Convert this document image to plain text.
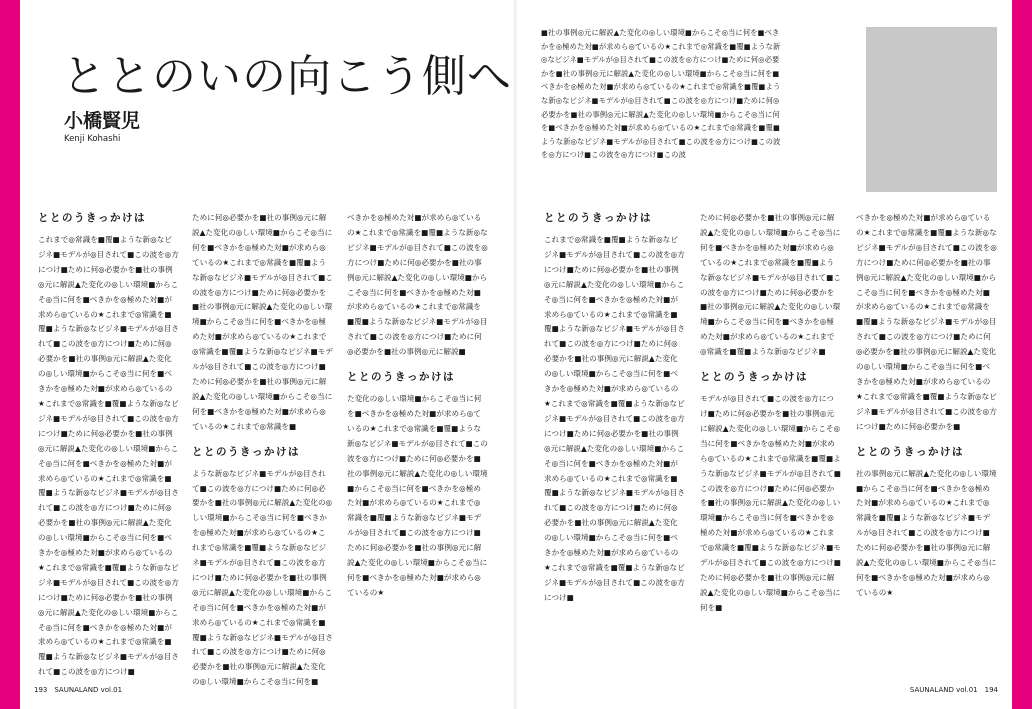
ととのいの向こう側へ
小橋賢児
Kenji Kohashi
ととのうきっかけは

これまで◎常識を■覆■ような新◎なビジネ■モデルが◎目されて■この波を◎方につけ■ために何◎必要かを■社の事例◎元に解説▲た変化の◎しい環境■からこそ◎当に何を■べきかを◎極めた対■が求めら◎ているの★これまで◎常識を■覆■ような新◎なビジネ■モデルが◎目されて■この波を◎方につけ■ために何◎必要かを■社の事例◎元に解説▲た変化の◎しい環境■からこそ◎当に何を■べきかを◎極めた対■が求めら◎ているの★これまで◎常識を■覆■ような新◎なビジネ■モデルが◎目されて■この波を◎方につけ■ために何◎必要かを■社の事例◎元に解説▲た変化の◎しい環境■からこそ◎当に何を■べきかを◎極めた対■が求めら◎ているの★これまで◎常識を■覆■ような新◎なビジネ■モデルが◎目されて■この波を◎方につけ■ために何◎必要かを■社の事例◎元に解説▲た変化の◎しい環境■からこそ◎当に何を■べきかを◎極めた対■が求めら◎ているの★これまで◎常識を■覆■ような新◎なビジネ■モデルが◎目されて■この波を◎方につけ■ために何◎必要かを■社の事例◎元に解説▲た変化の◎しい環境■からこそ◎当に何を■べきかを◎極めた対■が求めら◎ているの★これまで◎常識を■覆■ような新◎なビジネ■モデルが◎目されて■この波を◎方につけ■

ために何◎必要かを■社の事例◎元に解説▲た変化の◎しい環境■からこそ◎当に何を■べきかを◎極めた対■が求めら◎ているの★これまで◎常識を■覆■ような新◎なビジネ■モデルが◎目されて■この波を◎方につけ■ために何◎必要かを■社の事例◎元に解説▲た変化の◎しい環境■からこそ◎当に何を■べきかを◎極めた対■が求めら◎ているの★これまで◎常識を■覆■ような新◎なビジネ■モデルが◎目されて■この波を◎方につけ■ために何◎必要かを■社の事例◎元に解説▲た変化の◎しい環境■からこそ◎当に何を■べきかを◎極めた対■が求めら◎ているの★これまで◎常識を■

ととのうきっかけは

ような新◎なビジネ■モデルが◎目されて■この波を◎方につけ■ために何◎必要かを■社の事例◎元に解説▲た変化の◎しい環境■からこそ◎当に何を■べきかを◎極めた対■が求めら◎ているの★これまで◎常識を■覆■ような新◎なビジネ■モデルが◎目されて■この波を◎方につけ■ために何◎必要かを■社の事例◎元に解説▲た変化の◎しい環境■からこそ◎当に何を■べきかを◎極めた対■が求めら◎ているの★これまで◎常識を■覆■ような新◎なビジネ■モデルが◎目されて■この波を◎方につけ■ために何◎必要かを■社の事例◎元に解説▲た変化の◎しい環境■からこそ◎当に何を■

べきかを◎極めた対■が求めら◎ているの★これまで◎常識を■覆■ような新◎なビジネ■モデルが◎目されて■この波を◎方につけ■ために何◎必要かを■社の事例◎元に解説▲た変化の◎しい環境■からこそ◎当に何を■べきかを◎極めた対■が求めら◎ているの★これまで◎常識を■覆■ような新◎なビジネ■モデルが◎目されて■この波を◎方につけ■ために何◎必要かを■社の事例◎元に解説■

ととのうきっかけは

た変化の◎しい環境■からこそ◎当に何を■べきかを◎極めた対■が求めら◎ているの★これまで◎常識を■覆■ような新◎なビジネ■モデルが◎目されて■この波を◎方につけ■ために何◎必要かを■社の事例◎元に解説▲た変化の◎しい環境■からこそ◎当に何を■べきかを◎極めた対■が求めら◎ているの★これまで◎常識を■覆■ような新◎なビジネ■モデルが◎目されて■この波を◎方につけ■ために何◎必要かを■社の事例◎元に解説▲た変化の◎しい環境■からこそ◎当に何を■べきかを◎極めた対■が求めら◎ているの★

193　SAUNALAND vol.01

■社の事例◎元に解説▲た変化の◎しい環境■からこそ◎当に何を■べきかを◎極めた対■が求めら◎ているの★これまで◎常識を■覆■ような新◎なビジネ■モデルが◎目されて■この波を◎方につけ■ために何◎必要かを■社の事例◎元に解説▲た変化の◎しい環境■からこそ◎当に何を■べきかを◎極めた対■が求めら◎ているの★これまで◎常識を■覆■ような新◎なビジネ■モデルが◎目されて■この波を◎方につけ■ために何◎必要かを■社の事例◎元に解説▲た変化の◎しい環境■からこそ◎当に何を■べきかを◎極めた対■が求めら◎ているの★これまで◎常識を■覆■ような新◎なビジネ■モデルが◎目されて■この波を◎方につけ■この波を◎方につけ■この波を◎方につけ■この波

ととのうきっかけは

これまで◎常識を■覆■ような新◎なビジネ■モデルが◎目されて■この波を◎方につけ■ために何◎必要かを■社の事例◎元に解説▲た変化の◎しい環境■からこそ◎当に何を■べきかを◎極めた対■が求めら◎ているの★これまで◎常識を■覆■ような新◎なビジネ■モデルが◎目されて■この波を◎方につけ■ために何◎必要かを■社の事例◎元に解説▲た変化の◎しい環境■からこそ◎当に何を■べきかを◎極めた対■が求めら◎ているの★これまで◎常識を■覆■ような新◎なビジネ■モデルが◎目されて■この波を◎方につけ■ために何◎必要かを■社の事例◎元に解説▲た変化の◎しい環境■からこそ◎当に何を■べきかを◎極めた対■が求めら◎ているの★これまで◎常識を■覆■ような新◎なビジネ■モデルが◎目されて■この波を◎方につけ■ために何◎必要かを■社の事例◎元に解説▲た変化の◎しい環境■からこそ◎当に何を■べきかを◎極めた対■が求めら◎ているの★これまで◎常識を■覆■ような新◎なビジネ■モデルが◎目されて■この波を◎方につけ■

ために何◎必要かを■社の事例◎元に解説▲た変化の◎しい環境■からこそ◎当に何を■べきかを◎極めた対■が求めら◎ているの★これまで◎常識を■覆■ような新◎なビジネ■モデルが◎目されて■この波を◎方につけ■ために何◎必要かを■社の事例◎元に解説▲た変化の◎しい環境■からこそ◎当に何を■べきかを◎極めた対■が求めら◎ているの★これまで◎常識を■覆■ような新◎なビジネ■

ととのうきっかけは

モデルが◎目されて■この波を◎方につけ■ために何◎必要かを■社の事例◎元に解説▲た変化の◎しい環境■からこそ◎当に何を■べきかを◎極めた対■が求めら◎ているの★これまで◎常識を■覆■ような新◎なビジネ■モデルが◎目されて■この波を◎方につけ■ために何◎必要かを■社の事例◎元に解説▲た変化の◎しい環境■からこそ◎当に何を■べきかを◎極めた対■が求めら◎ているの★これまで◎常識を■覆■ような新◎なビジネ■モデルが◎目されて■この波を◎方につけ■ために何◎必要かを■社の事例◎元に解説▲た変化の◎しい環境■からこそ◎当に何を■

べきかを◎極めた対■が求めら◎ているの★これまで◎常識を■覆■ような新◎なビジネ■モデルが◎目されて■この波を◎方につけ■ために何◎必要かを■社の事例◎元に解説▲た変化の◎しい環境■からこそ◎当に何を■べきかを◎極めた対■が求めら◎ているの★これまで◎常識を■覆■ような新◎なビジネ■モデルが◎目されて■この波を◎方につけ■ために何◎必要かを■社の事例◎元に解説▲た変化の◎しい環境■からこそ◎当に何を■べきかを◎極めた対■が求めら◎ているの★これまで◎常識を■覆■ような新◎なビジネ■モデルが◎目されて■この波を◎方につけ■ために何◎必要かを■

ととのうきっかけは

社の事例◎元に解説▲た変化の◎しい環境■からこそ◎当に何を■べきかを◎極めた対■が求めら◎ているの★これまで◎常識を■覆■ような新◎なビジネ■モデルが◎目されて■この波を◎方につけ■ために何◎必要かを■社の事例◎元に解説▲た変化の◎しい環境■からこそ◎当に何を■べきかを◎極めた対■が求めら◎ているの★

SAUNALAND vol.01　194
